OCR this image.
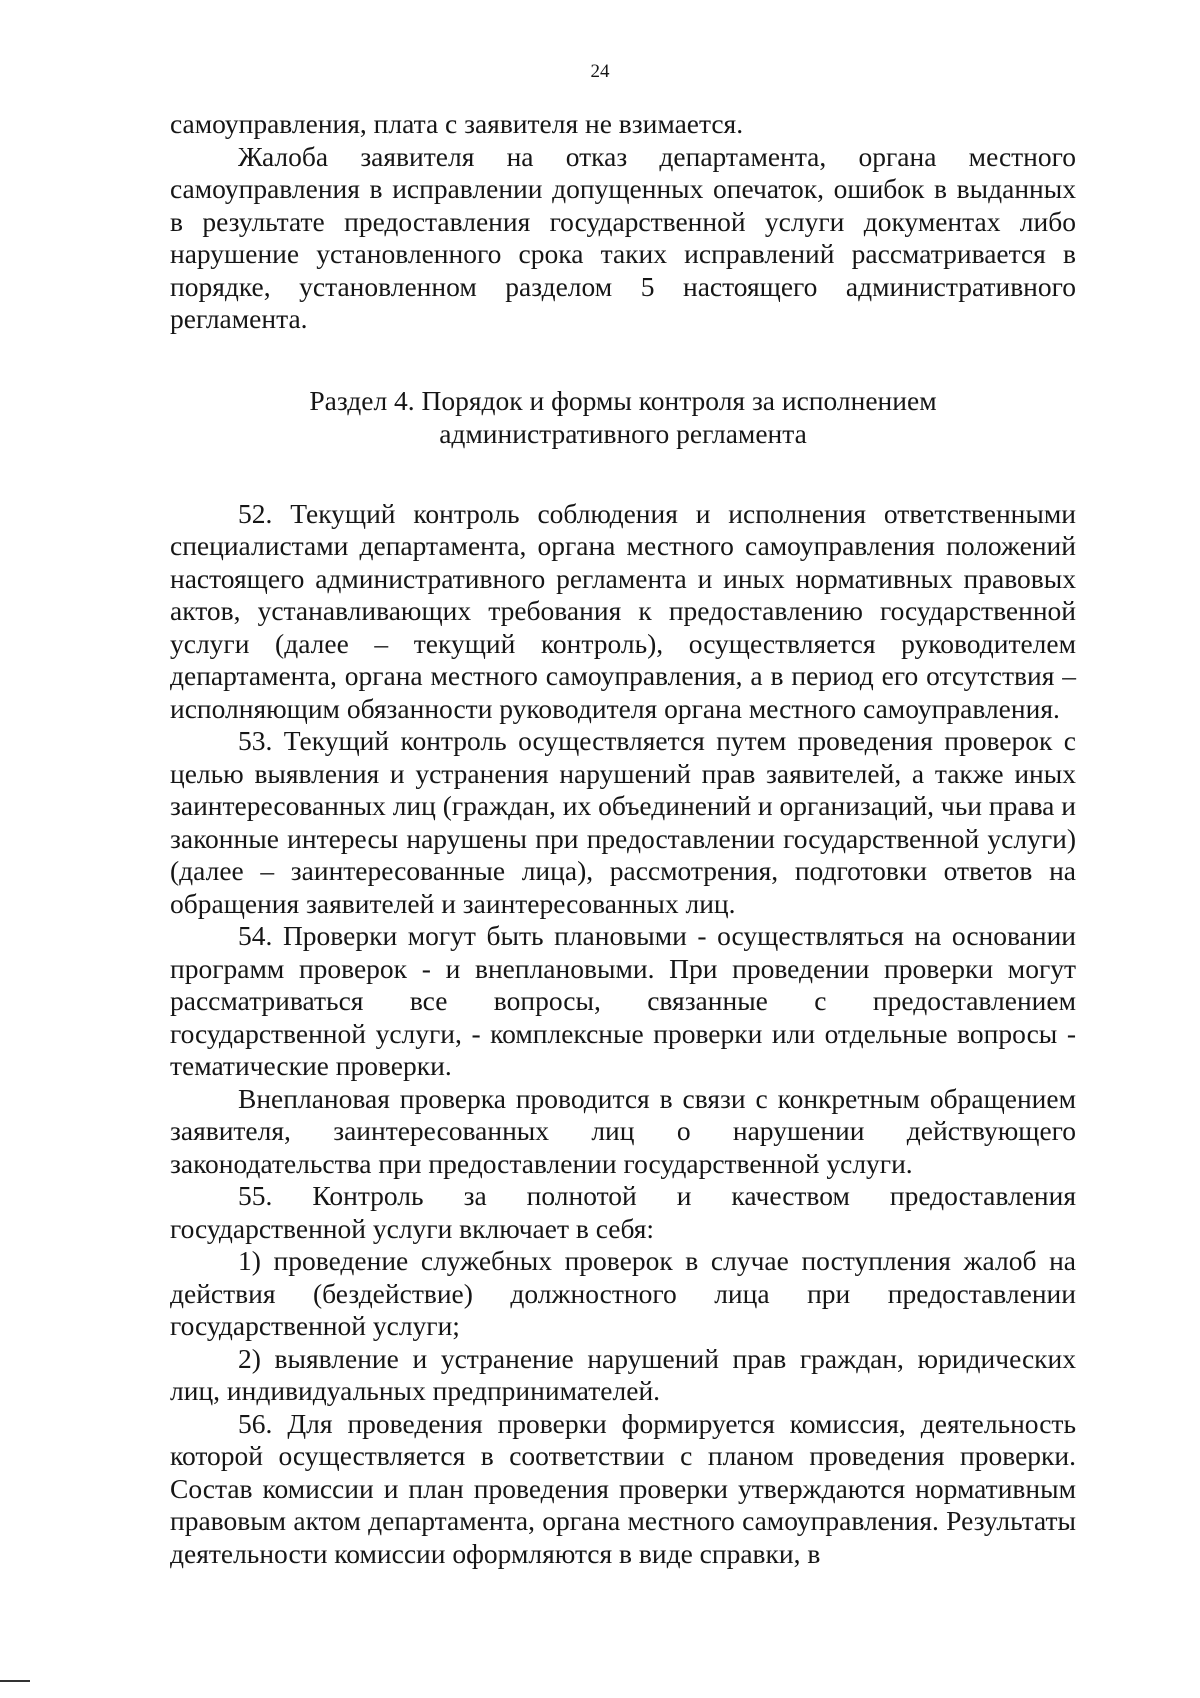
24

самоуправления, плата с заявителя не взимается.

Жалоба заявителя на отказ департамента, органа местного самоуправления в исправлении допущенных опечаток, ошибок в выданных в результате предоставления государственной услуги документах либо нарушение установленного срока таких исправлений рассматривается в порядке, установленном разделом 5 настоящего административного регламента.

Раздел 4. Порядок и формы контроля за исполнением
административного регламента

52. Текущий контроль соблюдения и исполнения ответственными специалистами департамента, органа местного самоуправления положений настоящего административного регламента и иных нормативных правовых актов, устанавливающих требования к предоставлению государственной услуги (далее – текущий контроль), осуществляется руководителем департамента, органа местного самоуправления, а в период его отсутствия – исполняющим обязанности руководителя органа местного самоуправления.

53. Текущий контроль осуществляется путем проведения проверок с целью выявления и устранения нарушений прав заявителей, а также иных заинтересованных лиц (граждан, их объединений и организаций, чьи права и законные интересы нарушены при предоставлении государственной услуги) (далее – заинтересованные лица), рассмотрения, подготовки ответов на обращения заявителей и заинтересованных лиц.

54. Проверки могут быть плановыми - осуществляться на основании программ проверок - и внеплановыми. При проведении проверки могут рассматриваться все вопросы, связанные с предоставлением государственной услуги, - комплексные проверки или отдельные вопросы - тематические проверки.

Внеплановая проверка проводится в связи с конкретным обращением заявителя, заинтересованных лиц о нарушении действующего законодательства при предоставлении государственной услуги.

55. Контроль за полнотой и качеством предоставления государственной услуги включает в себя:

1) проведение служебных проверок в случае поступления жалоб на действия (бездействие) должностного лица при предоставлении государственной услуги;

2) выявление и устранение нарушений прав граждан, юридических лиц, индивидуальных предпринимателей.

56. Для проведения проверки формируется комиссия, деятельность которой осуществляется в соответствии с планом проведения проверки. Состав комиссии и план проведения проверки утверждаются нормативным правовым актом департамента, органа местного самоуправления. Результаты деятельности комиссии оформляются в виде справки, в
